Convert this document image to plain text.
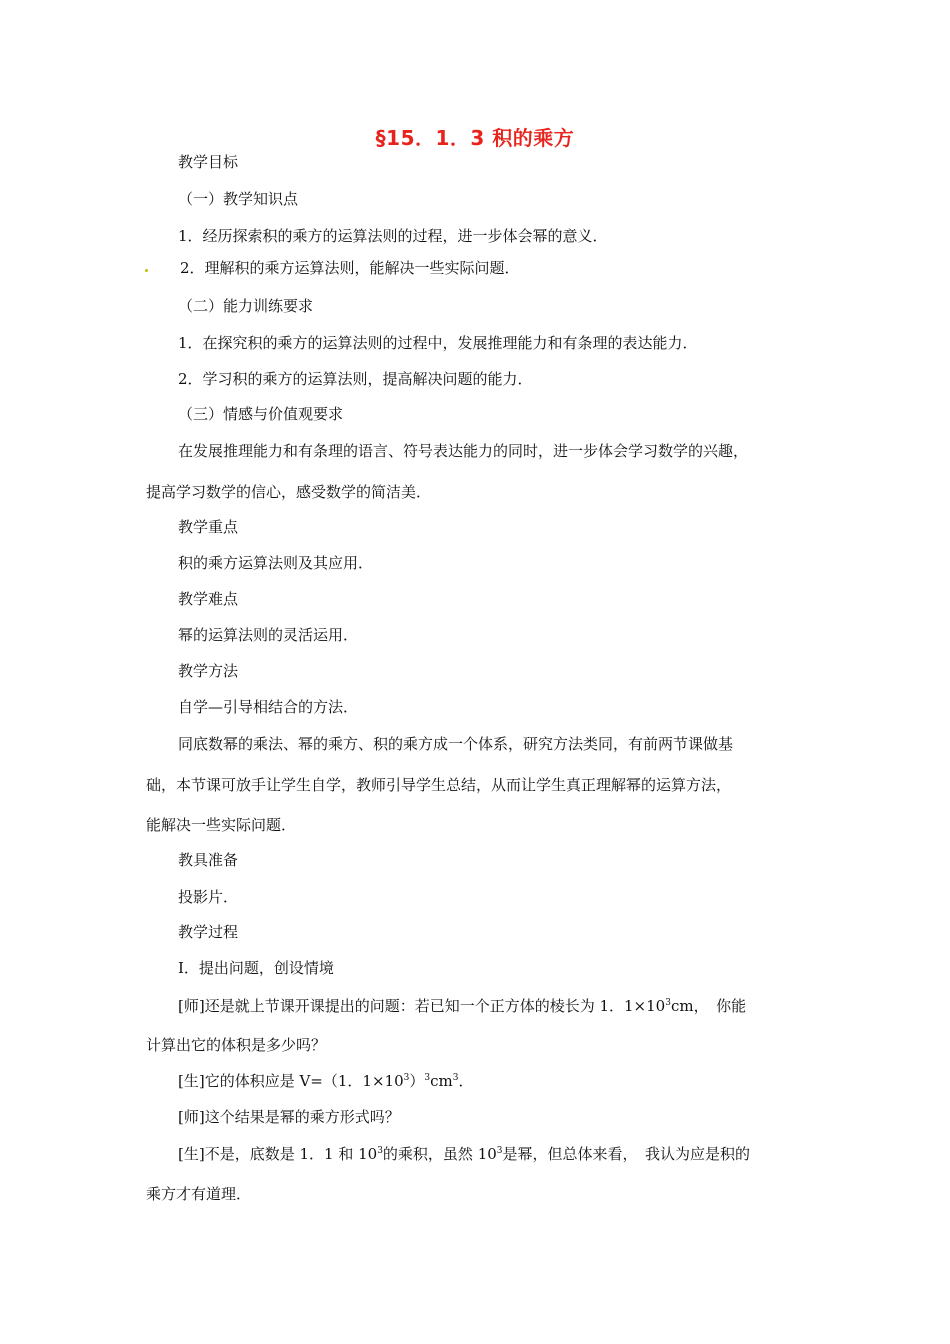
§15．1．3 积的乘方
教学目标
（一）教学知识点
1．经历探索积的乘方的运算法则的过程，进一步体会幂的意义．
2．理解积的乘方运算法则，能解决一些实际问题．
（二）能力训练要求
1．在探究积的乘方的运算法则的过程中，发展推理能力和有条理的表达能力．
2．学习积的乘方的运算法则，提高解决问题的能力．
（三）情感与价值观要求
在发展推理能力和有条理的语言、符号表达能力的同时，进一步体会学习数学的兴趣，
提高学习数学的信心，感受数学的简洁美．
教学重点
积的乘方运算法则及其应用．
教学难点
幂的运算法则的灵活运用．
教学方法
自学—引导相结合的方法．
同底数幂的乘法、幂的乘方、积的乘方成一个体系，研究方法类同，有前两节课做基
础，本节课可放手让学生自学，教师引导学生总结，从而让学生真正理解幂的运算方法，
能解决一些实际问题．
教具准备
投影片．
教学过程
Ⅰ．提出问题，创设情境
[师]还是就上节课开课提出的问题：若已知一个正方体的棱长为 1．$1\times 10^3cm$，　你能
计算出它的体积是多少吗？
[生]它的体积应是 V=（1．$1\times 10^3)^3cm^3$．
[师]这个结果是幂的乘方形式吗？
[生]不是，底数是 1．1 和 $10^3$的乘积，虽然 $10^3$是幂，但总体来看，　我认为应是积的
乘方才有道理．
